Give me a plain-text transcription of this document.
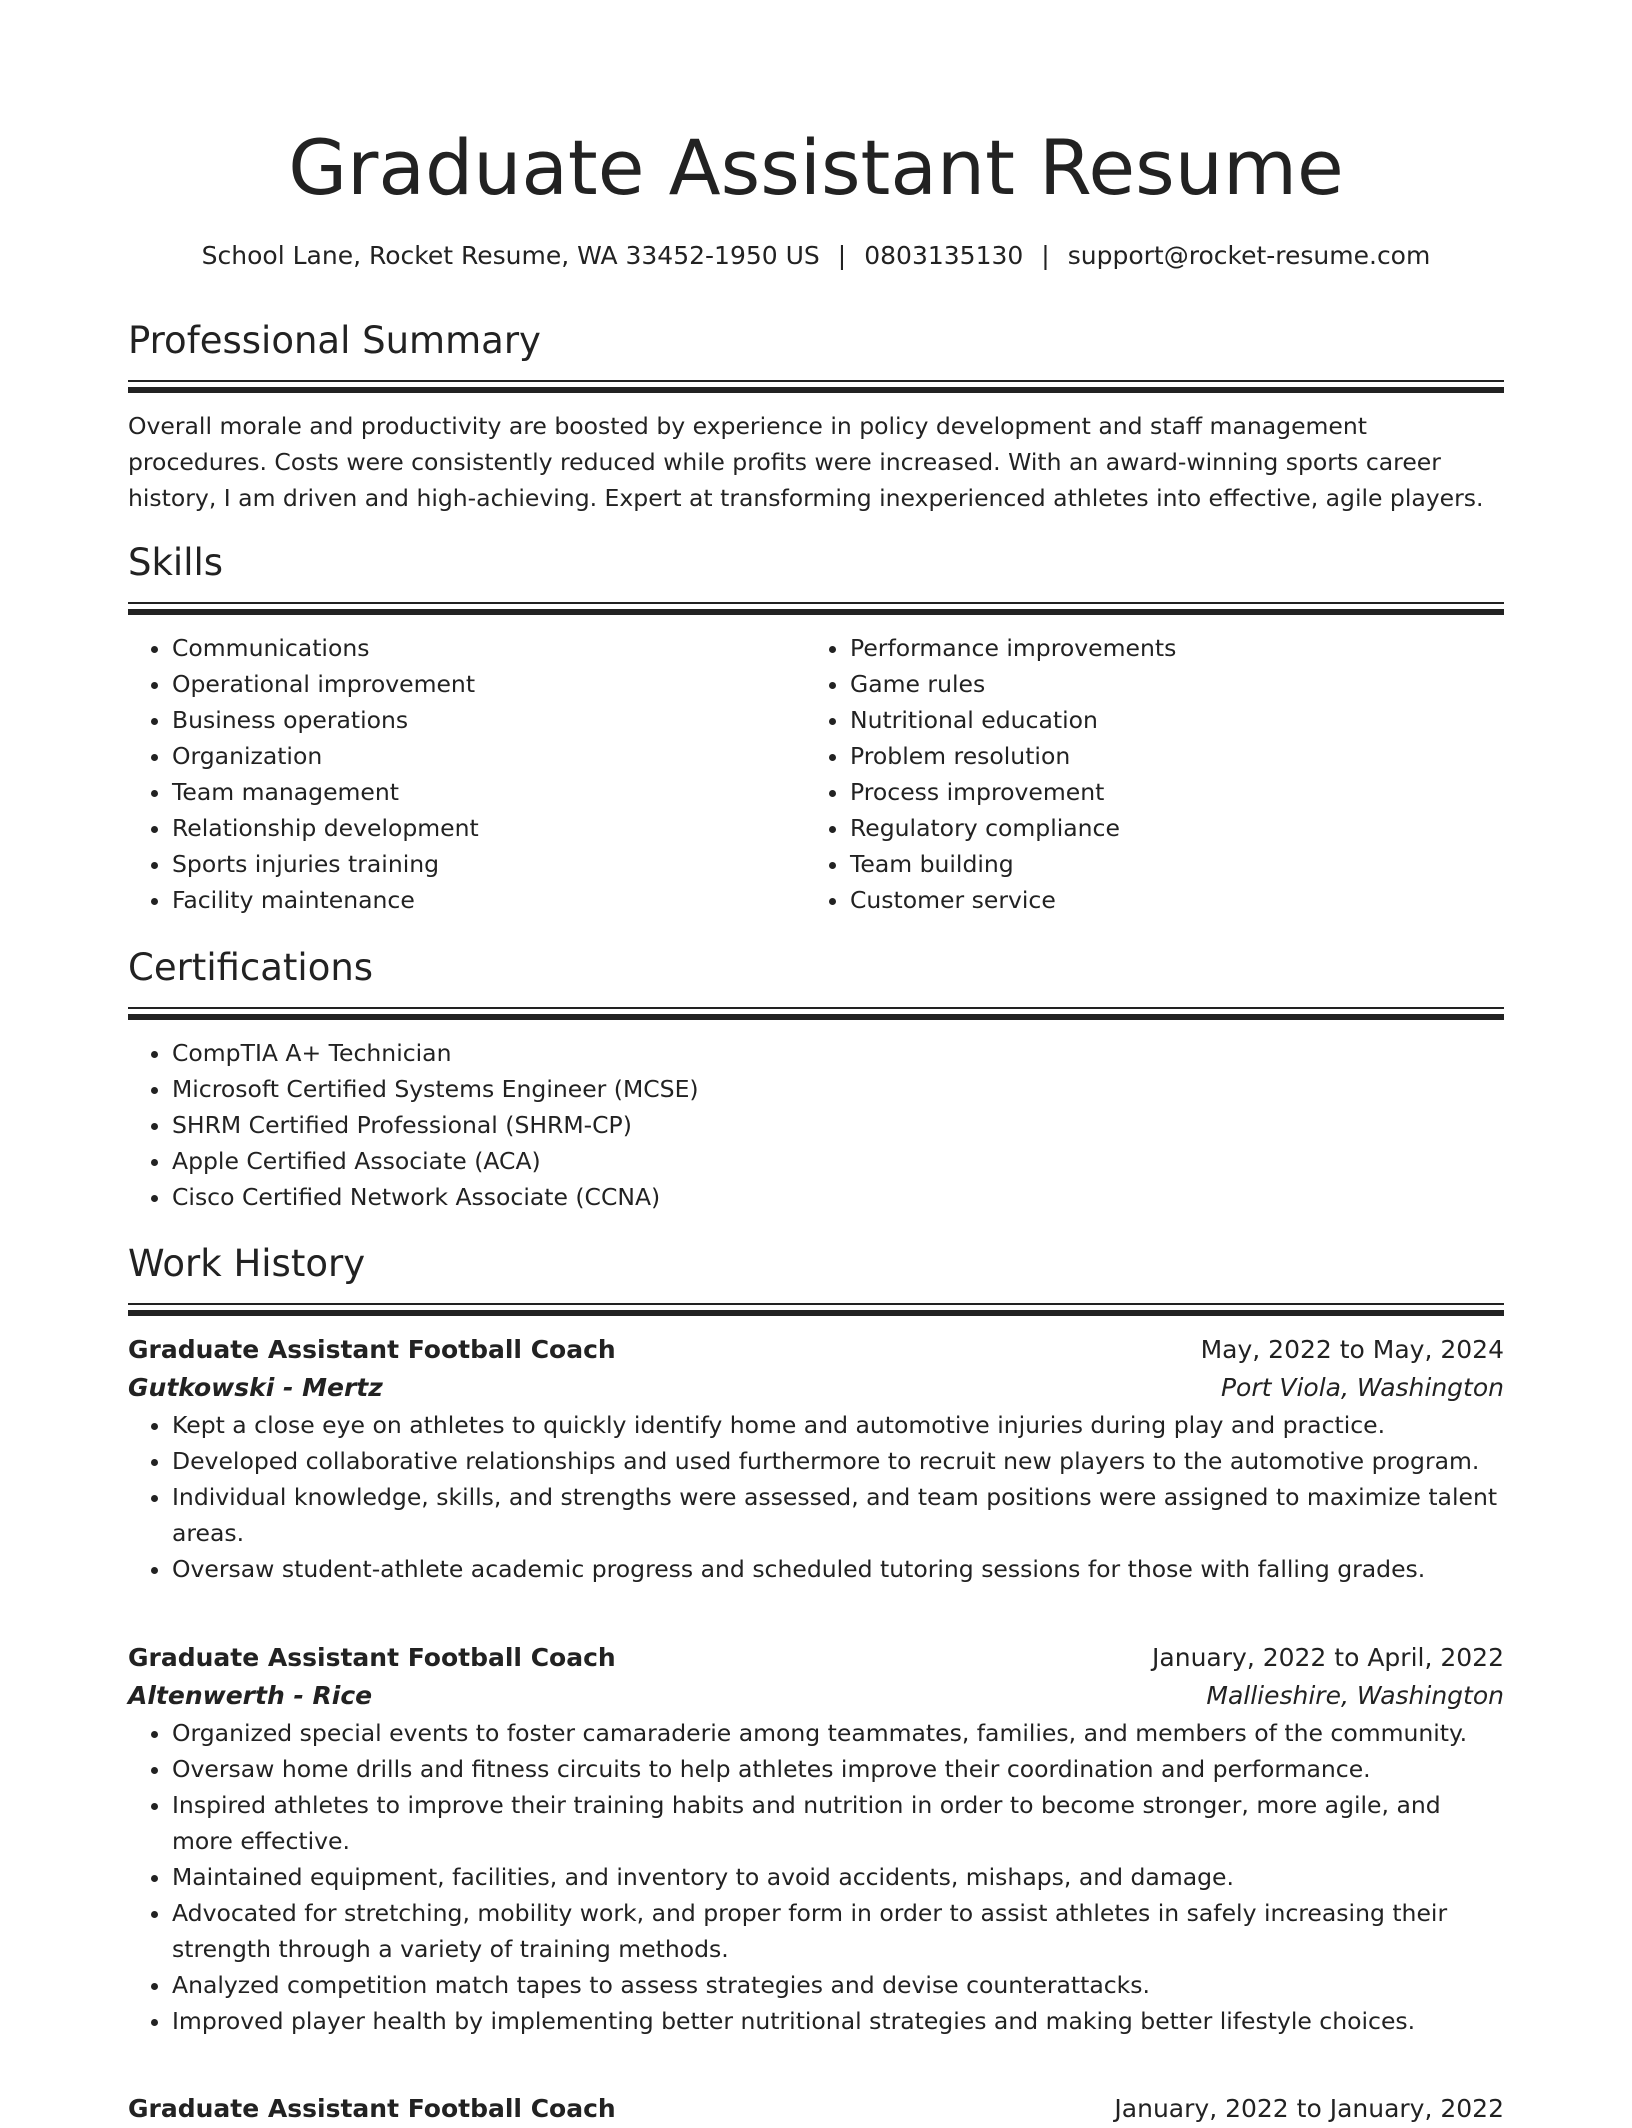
Graduate Assistant Resume
School Lane, Rocket Resume, WA 33452-1950 US | 0803135130 | support@rocket-resume.com
Professional Summary

Overall morale and productivity are boosted by experience in policy development and staff management procedures. Costs were consistently reduced while profits were increased. With an award-winning sports career history, I am driven and high-achieving. Expert at transforming inexperienced athletes into effective, agile players.

Skills
• Communications
• Operational improvement
• Business operations
• Organization
• Team management
• Relationship development
• Sports injuries training
• Facility maintenance
• Performance improvements
• Game rules
• Nutritional education
• Problem resolution
• Process improvement
• Regulatory compliance
• Team building
• Customer service
Certifications
• CompTIA A+ Technician
• Microsoft Certified Systems Engineer (MCSE)
• SHRM Certified Professional (SHRM-CP)
• Apple Certified Associate (ACA)
• Cisco Certified Network Associate (CCNA)
Work History
Graduate Assistant Football Coach	May, 2022 to May, 2024
Gutkowski - Mertz	Port Viola, Washington
• Kept a close eye on athletes to quickly identify home and automotive injuries during play and practice.
• Developed collaborative relationships and used furthermore to recruit new players to the automotive program.
• Individual knowledge, skills, and strengths were assessed, and team positions were assigned to maximize talent areas.
• Oversaw student-athlete academic progress and scheduled tutoring sessions for those with falling grades.
Graduate Assistant Football Coach	January, 2022 to April, 2022
Altenwerth - Rice	Mallieshire, Washington
• Organized special events to foster camaraderie among teammates, families, and members of the community.
• Oversaw home drills and fitness circuits to help athletes improve their coordination and performance.
• Inspired athletes to improve their training habits and nutrition in order to become stronger, more agile, and more effective.
• Maintained equipment, facilities, and inventory to avoid accidents, mishaps, and damage.
• Advocated for stretching, mobility work, and proper form in order to assist athletes in safely increasing their strength through a variety of training methods.
• Analyzed competition match tapes to assess strategies and devise counterattacks.
• Improved player health by implementing better nutritional strategies and making better lifestyle choices.
Graduate Assistant Football Coach	January, 2022 to January, 2022
